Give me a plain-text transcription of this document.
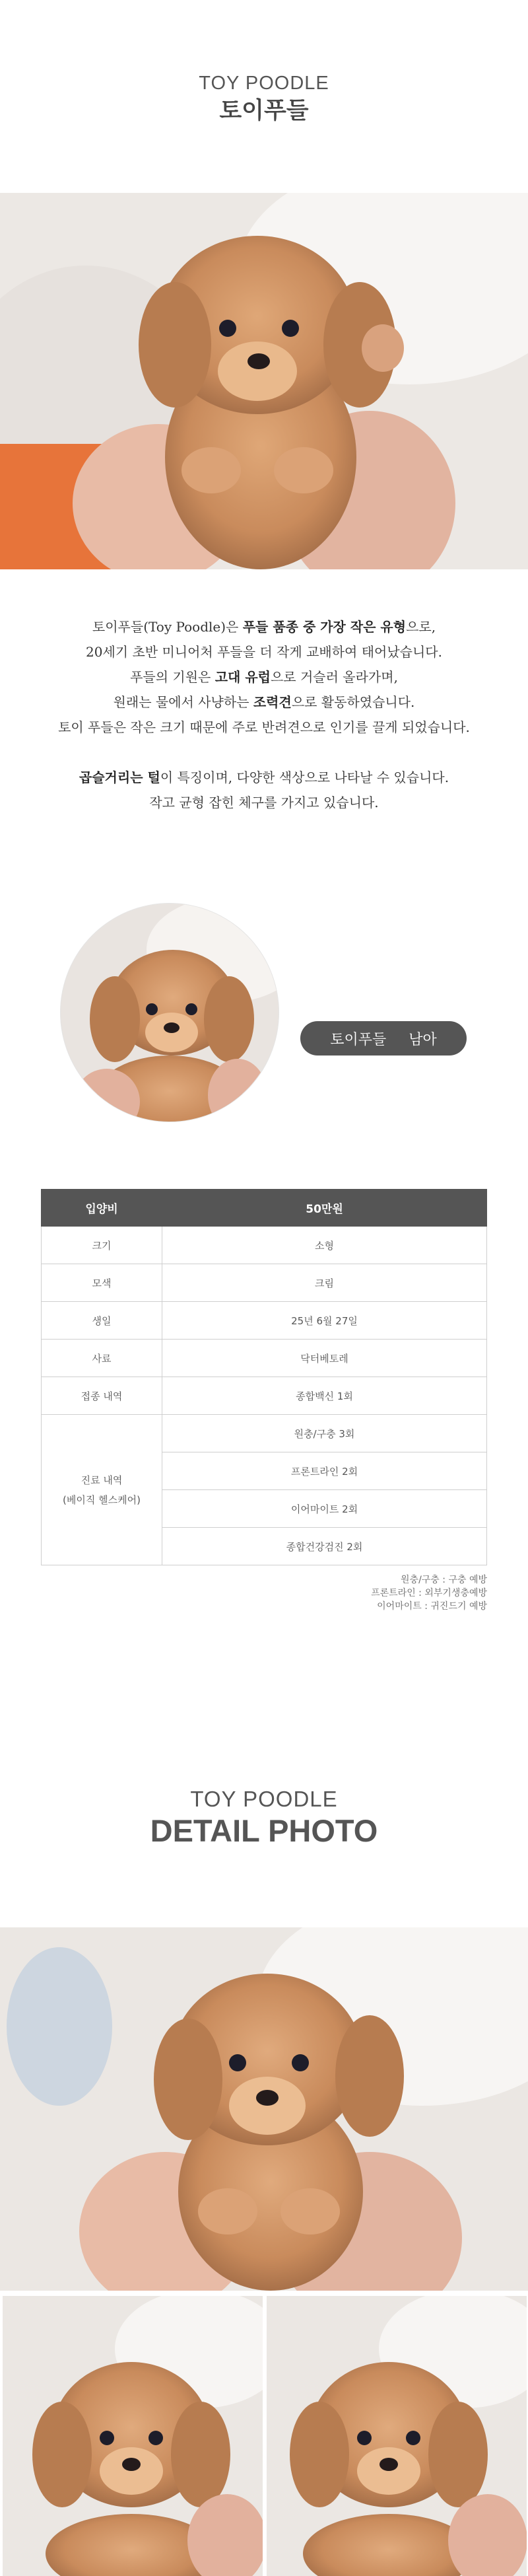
TOY POODLE
토이푸들
토이푸들(Toy Poodle)은 푸들 품종 중 가장 작은 유형으로,
20세기 초반 미니어처 푸들을 더 작게 교배하여 태어났습니다.
푸들의 기원은 고대 유럽으로 거슬러 올라가며,
원래는 물에서 사냥하는 조력견으로 활동하였습니다.
토이 푸들은 작은 크기 때문에 주로 반려견으로 인기를 끌게 되었습니다.
곱슬거리는 털이 특징이며, 다양한 색상으로 나타날 수 있습니다.
작고 균형 잡힌 체구를 가지고 있습니다.
토이푸들 남아
입양비	50만원
크기	소형
모색	크림
생일	25년 6월 27일
사료	닥터베토레
접종 내역	종합백신 1회

진료 내역
(베이직 헬스케어)	원충/구충 3회
	프론트라인 2회
	이어마이트 2회
	종합건강검진 2회
원충/구충 : 구충 예방
프론트라인 : 외부기생충예방
이어마이트 : 귀진드기 예방
TOY POODLE
DETAIL PHOTO
